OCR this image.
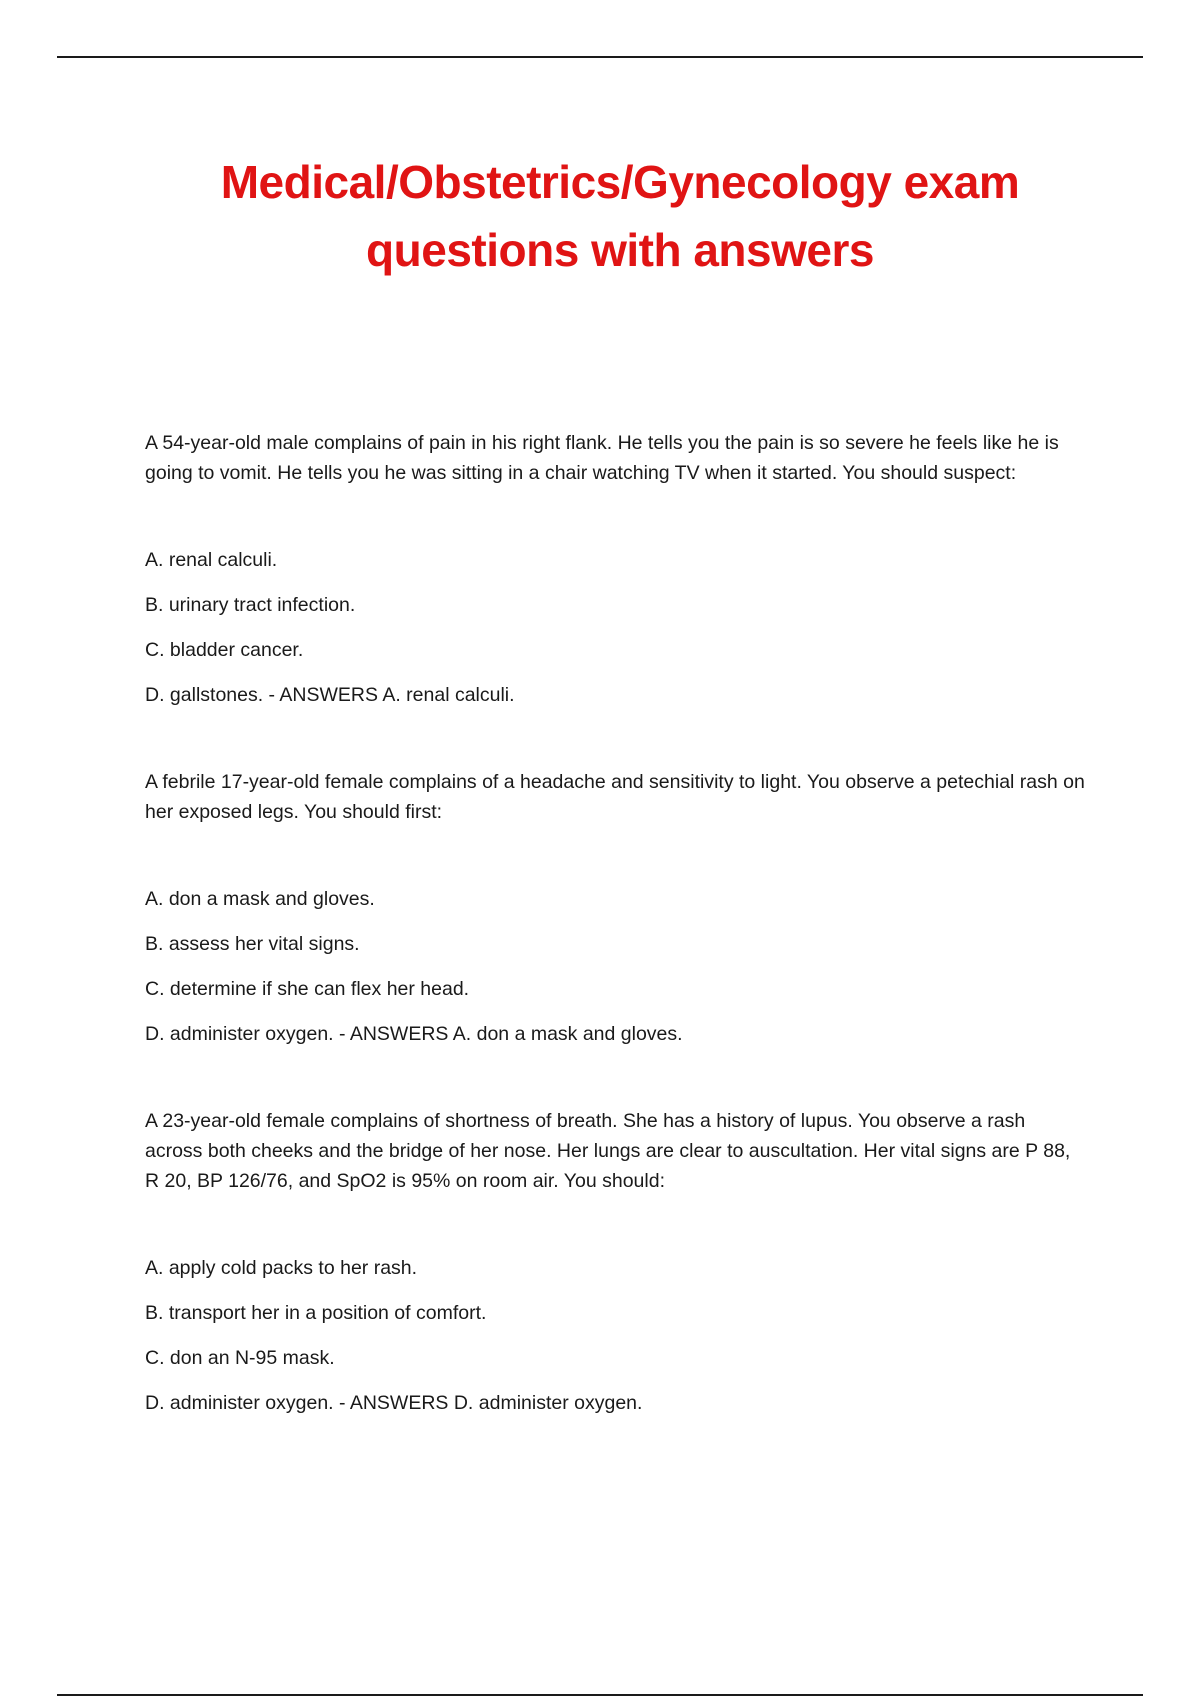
Medical/Obstetrics/Gynecology exam questions with answers

A 54-year-old male complains of pain in his right flank. He tells you the pain is so severe he feels like he is going to vomit. He tells you he was sitting in a chair watching TV when it started. You should suspect:

A. renal calculi.

B. urinary tract infection.

C. bladder cancer.

D. gallstones. - ANSWERS A. renal calculi.

A febrile 17-year-old female complains of a headache and sensitivity to light. You observe a petechial rash on her exposed legs. You should first:

A. don a mask and gloves.

B. assess her vital signs.

C. determine if she can flex her head.

D. administer oxygen. - ANSWERS A. don a mask and gloves.

A 23-year-old female complains of shortness of breath. She has a history of lupus. You observe a rash across both cheeks and the bridge of her nose. Her lungs are clear to auscultation. Her vital signs are P 88, R 20, BP 126/76, and SpO2 is 95% on room air. You should:

A. apply cold packs to her rash.

B. transport her in a position of comfort.

C. don an N-95 mask.

D. administer oxygen. - ANSWERS D. administer oxygen.
